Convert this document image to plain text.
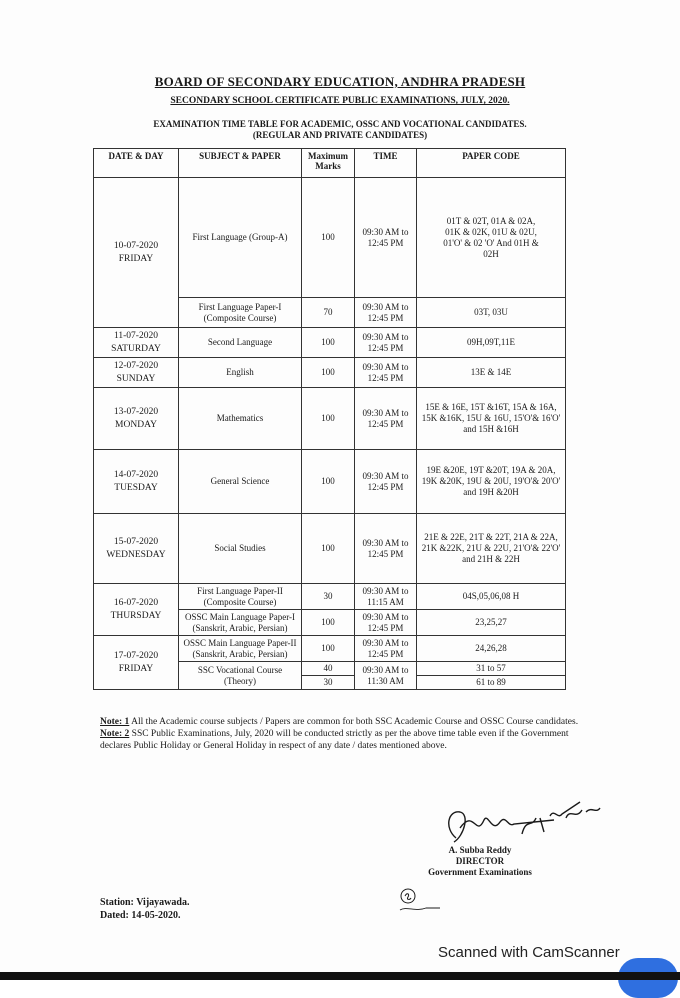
BOARD OF SECONDARY EDUCATION, ANDHRA PRADESH
SECONDARY SCHOOL CERTIFICATE PUBLIC EXAMINATIONS, JULY, 2020.
EXAMINATION TIME TABLE FOR ACADEMIC, OSSC AND VOCATIONAL CANDIDATES.
(REGULAR AND PRIVATE CANDIDATES)
DATE & DAY	SUBJECT & PAPER	Maximum Marks	TIME	PAPER CODE

10-07-2020
FRIDAY	First Language (Group-A)	100	09:30 AM to 12:45 PM	01T & 02T, 01A & 02A, 01K & 02K, 01U & 02U, 01'O' & 02 'O' And 01H & 02H
	First Language Paper-I (Composite Course)	70	09:30 AM to 12:45 PM	03T, 03U

11-07-2020
SATURDAY	Second Language	100	09:30 AM to 12:45 PM	09H,09T,11E

12-07-2020
SUNDAY	English	100	09:30 AM to 12:45 PM	13E & 14E

13-07-2020
MONDAY	Mathematics	100	09:30 AM to 12:45 PM	15E & 16E, 15T &16T, 15A & 16A, 15K &16K, 15U & 16U, 15'O'& 16'O' and 15H &16H

14-07-2020
TUESDAY	General Science	100	09:30 AM to 12:45 PM	19E &20E, 19T &20T, 19A & 20A, 19K &20K, 19U & 20U, 19'O'& 20'O' and 19H &20H

15-07-2020
WEDNESDAY	Social Studies	100	09:30 AM to 12:45 PM	21E & 22E, 21T & 22T, 21A & 22A, 21K &22K, 21U & 22U, 21'O'& 22'O' and 21H & 22H

16-07-2020
THURSDAY	First Language Paper-II (Composite Course)	30	09:30 AM to 11:15 AM	04S,05,06,08 H
	OSSC Main Language Paper-I (Sanskrit, Arabic, Persian)	100	09:30 AM to 12:45 PM	23,25,27

17-07-2020
FRIDAY	OSSC Main Language Paper-II (Sanskrit, Arabic, Persian)	100	09:30 AM to 12:45 PM	24,26,28
	SSC Vocational Course (Theory)	40	09:30 AM to 11:30 AM	31 to 57
		30		61 to 89
Note: 1 All the Academic course subjects / Papers are common for both SSC Academic Course and OSSC Course candidates.
Note: 2 SSC Public Examinations, July, 2020 will be conducted strictly as per the above time table even if the Government declares Public Holiday or General Holiday in respect of any date / dates mentioned above.
A. Subba Reddy
DIRECTOR
Government Examinations
Station: Vijayawada.
Dated: 14-05-2020.
Scanned with CamScanner
